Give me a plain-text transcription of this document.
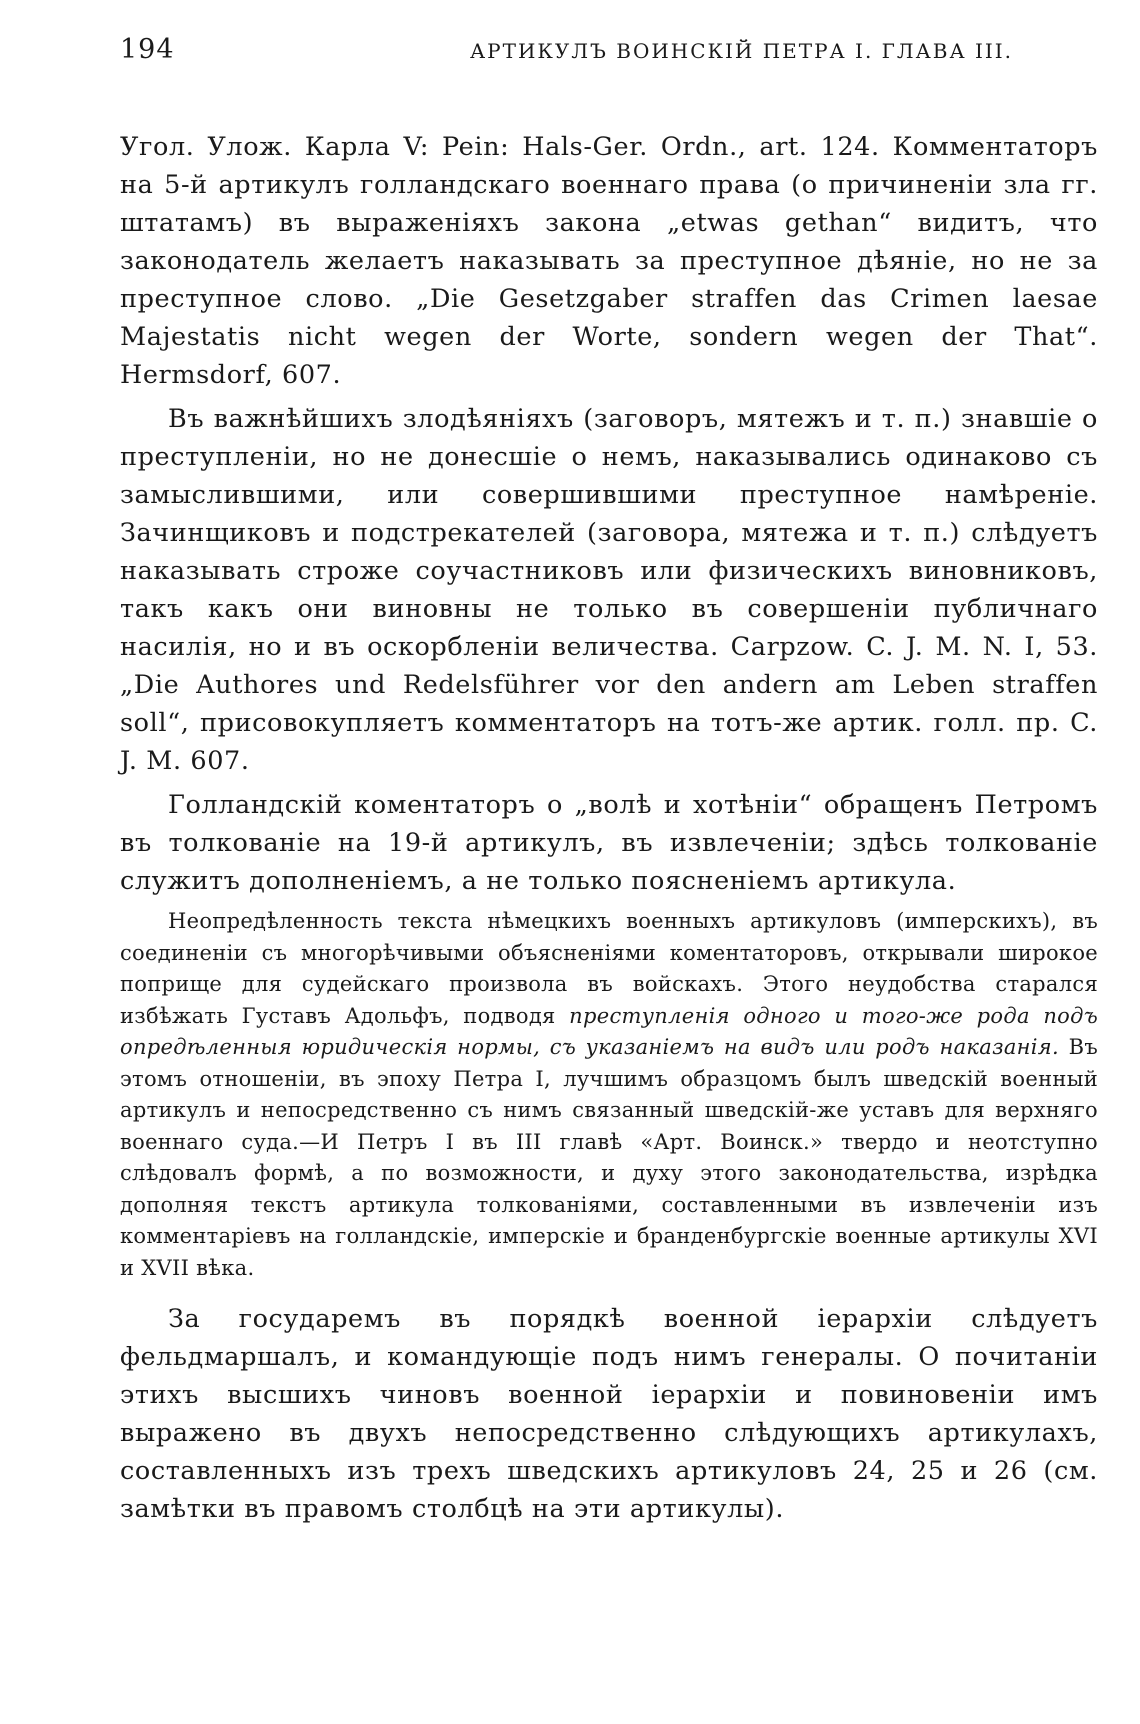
194	АРТИКУЛЪ ВОИНСКІЙ ПЕТРА I. ГЛАВА III.

Угол. Улож. Карла V: Pein: Hals-Ger. Ordn., art. 124. Комментаторъ на 5-й артикулъ голландскаго военнаго права (о причиненіи зла гг. штатамъ) въ выраженіяхъ закона „etwas gethan“ видитъ, что законодатель желаетъ наказывать за преступное дѣяніе, но не за преступное слово. „Die Gesetzgaber straffen das Crimen laesae Majestatis nicht wegen der Worte, sondern wegen der That“. Hermsdorf, 607.

Въ важнѣйшихъ злодѣяніяхъ (заговоръ, мятежъ и т. п.) знавшіе о преступленіи, но не донесшіе о немъ, наказывались одинаково съ замыслившими, или совершившими преступное намѣреніе. Зачинщиковъ и подстрекателей (заговора, мятежа и т. п.) слѣдуетъ наказывать строже соучастниковъ или физическихъ виновниковъ, такъ какъ они виновны не только въ совершеніи публичнаго насилія, но и въ оскорбленіи величества. Carpzow. C. J. M. N. I, 53. „Die Authores und Redelsführer vor den andern am Leben straffen soll“, присовокупляетъ комментаторъ на тотъ-же артик. голл. пр. C. J. M. 607.

Голландскій коментаторъ о „волѣ и хотѣніи“ обращенъ Петромъ въ толкованіе на 19-й артикулъ, въ извлеченіи; здѣсь толкованіе служитъ дополненіемъ, а не только поясненіемъ артикула.

Неопредѣленность текста нѣмецкихъ военныхъ артикуловъ (имперскихъ), въ соединеніи съ многорѣчивыми объясненіями коментаторовъ, открывали широкое поприще для судейскаго произвола въ войскахъ. Этого неудобства старался избѣжать Густавъ Адольфъ, подводя преступленія одного и того-же рода подъ опредѣленныя юридическія нормы, съ указаніемъ на видъ или родъ наказанія. Въ этомъ отношеніи, въ эпоху Петра I, лучшимъ образцомъ былъ шведскій военный артикулъ и непосредственно съ нимъ связанный шведскій-же уставъ для верхняго военнаго суда.—И Петръ I въ III главѣ «Арт. Воинск.» твердо и неотступно слѣдовалъ формѣ, а по возможности, и духу этого законодательства, изрѣдка дополняя текстъ артикула толкованіями, составленными въ извлеченіи изъ комментаріевъ на голландскіе, имперскіе и бранденбургскіе военные артикулы XVI и XVII вѣка.

За государемъ въ порядкѣ военной іерархіи слѣдуетъ фельдмаршалъ, и командующіе подъ нимъ генералы. О почитаніи этихъ высшихъ чиновъ военной іерархіи и повиновеніи имъ выражено въ двухъ непосредственно слѣдующихъ артикулахъ, составленныхъ изъ трехъ шведскихъ артикуловъ 24, 25 и 26 (см. замѣтки въ правомъ столбцѣ на эти артикулы).
